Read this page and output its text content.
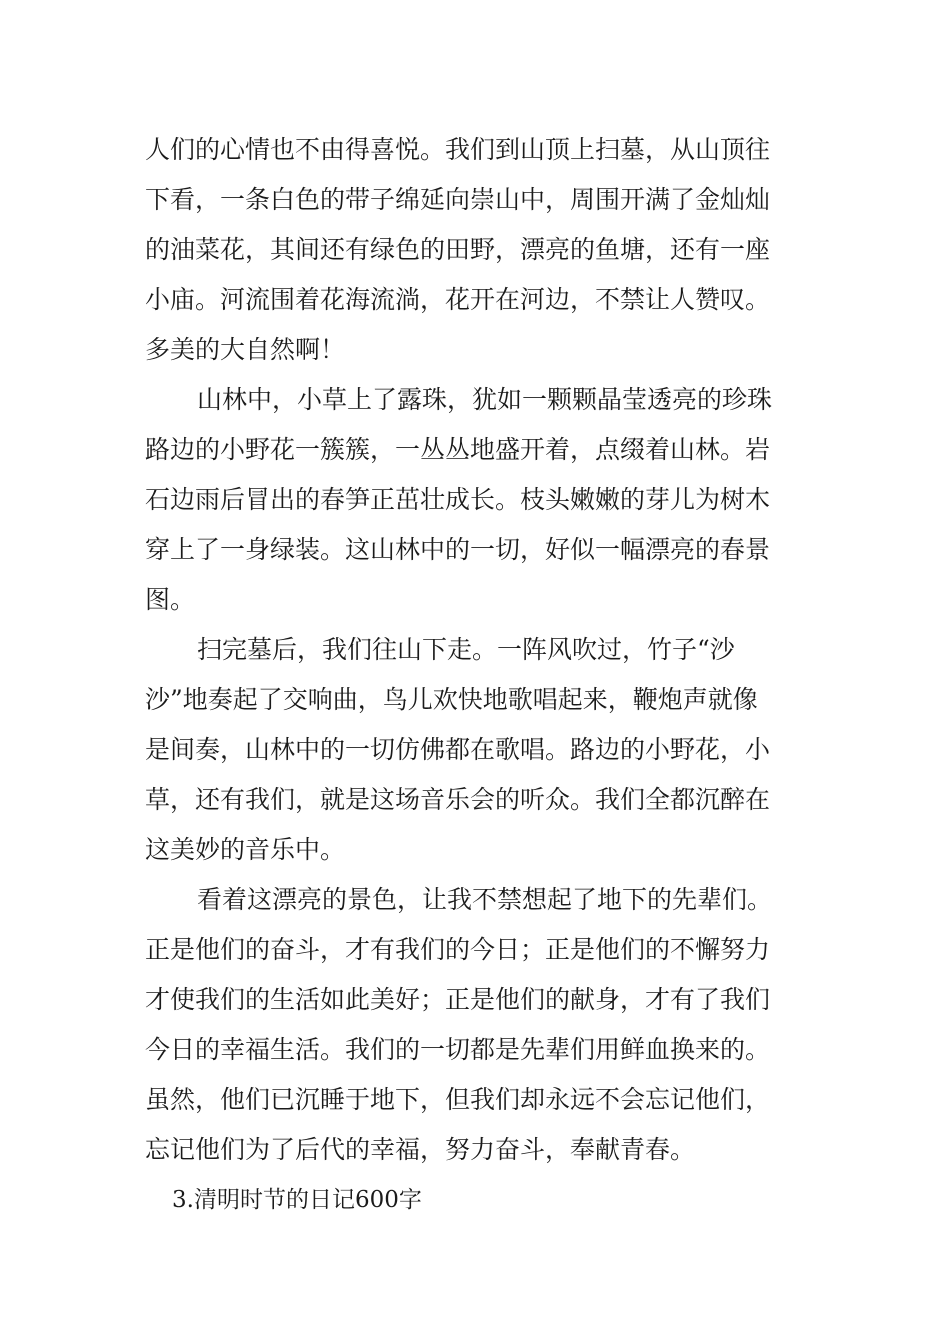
人们的心情也不由得喜悦。我们到山顶上扫墓，从山顶往
下看，一条白色的带子绵延向崇山中，周围开满了金灿灿
的油菜花，其间还有绿色的田野，漂亮的鱼塘，还有一座
小庙。河流围着花海流淌，花开在河边，不禁让人赞叹。
多美的大自然啊！
山林中，小草上了露珠，犹如一颗颗晶莹透亮的珍珠
路边的小野花一簇簇，一丛丛地盛开着，点缀着山林。岩
石边雨后冒出的春笋正茁壮成长。枝头嫩嫩的芽儿为树木
穿上了一身绿装。这山林中的一切，好似一幅漂亮的春景
图。
扫完墓后，我们往山下走。一阵风吹过，竹子“沙
沙”地奏起了交响曲，鸟儿欢快地歌唱起来，鞭炮声就像
是间奏，山林中的一切仿佛都在歌唱。路边的小野花，小
草，还有我们，就是这场音乐会的听众。我们全都沉醉在
这美妙的音乐中。
看着这漂亮的景色，让我不禁想起了地下的先辈们。
正是他们的奋斗，才有我们的今日；正是他们的不懈努力
才使我们的生活如此美好；正是他们的献身，才有了我们
今日的幸福生活。我们的一切都是先辈们用鲜血换来的。
虽然，他们已沉睡于地下，但我们却永远不会忘记他们，
忘记他们为了后代的幸福，努力奋斗，奉献青春。
3.清明时节的日记600字
